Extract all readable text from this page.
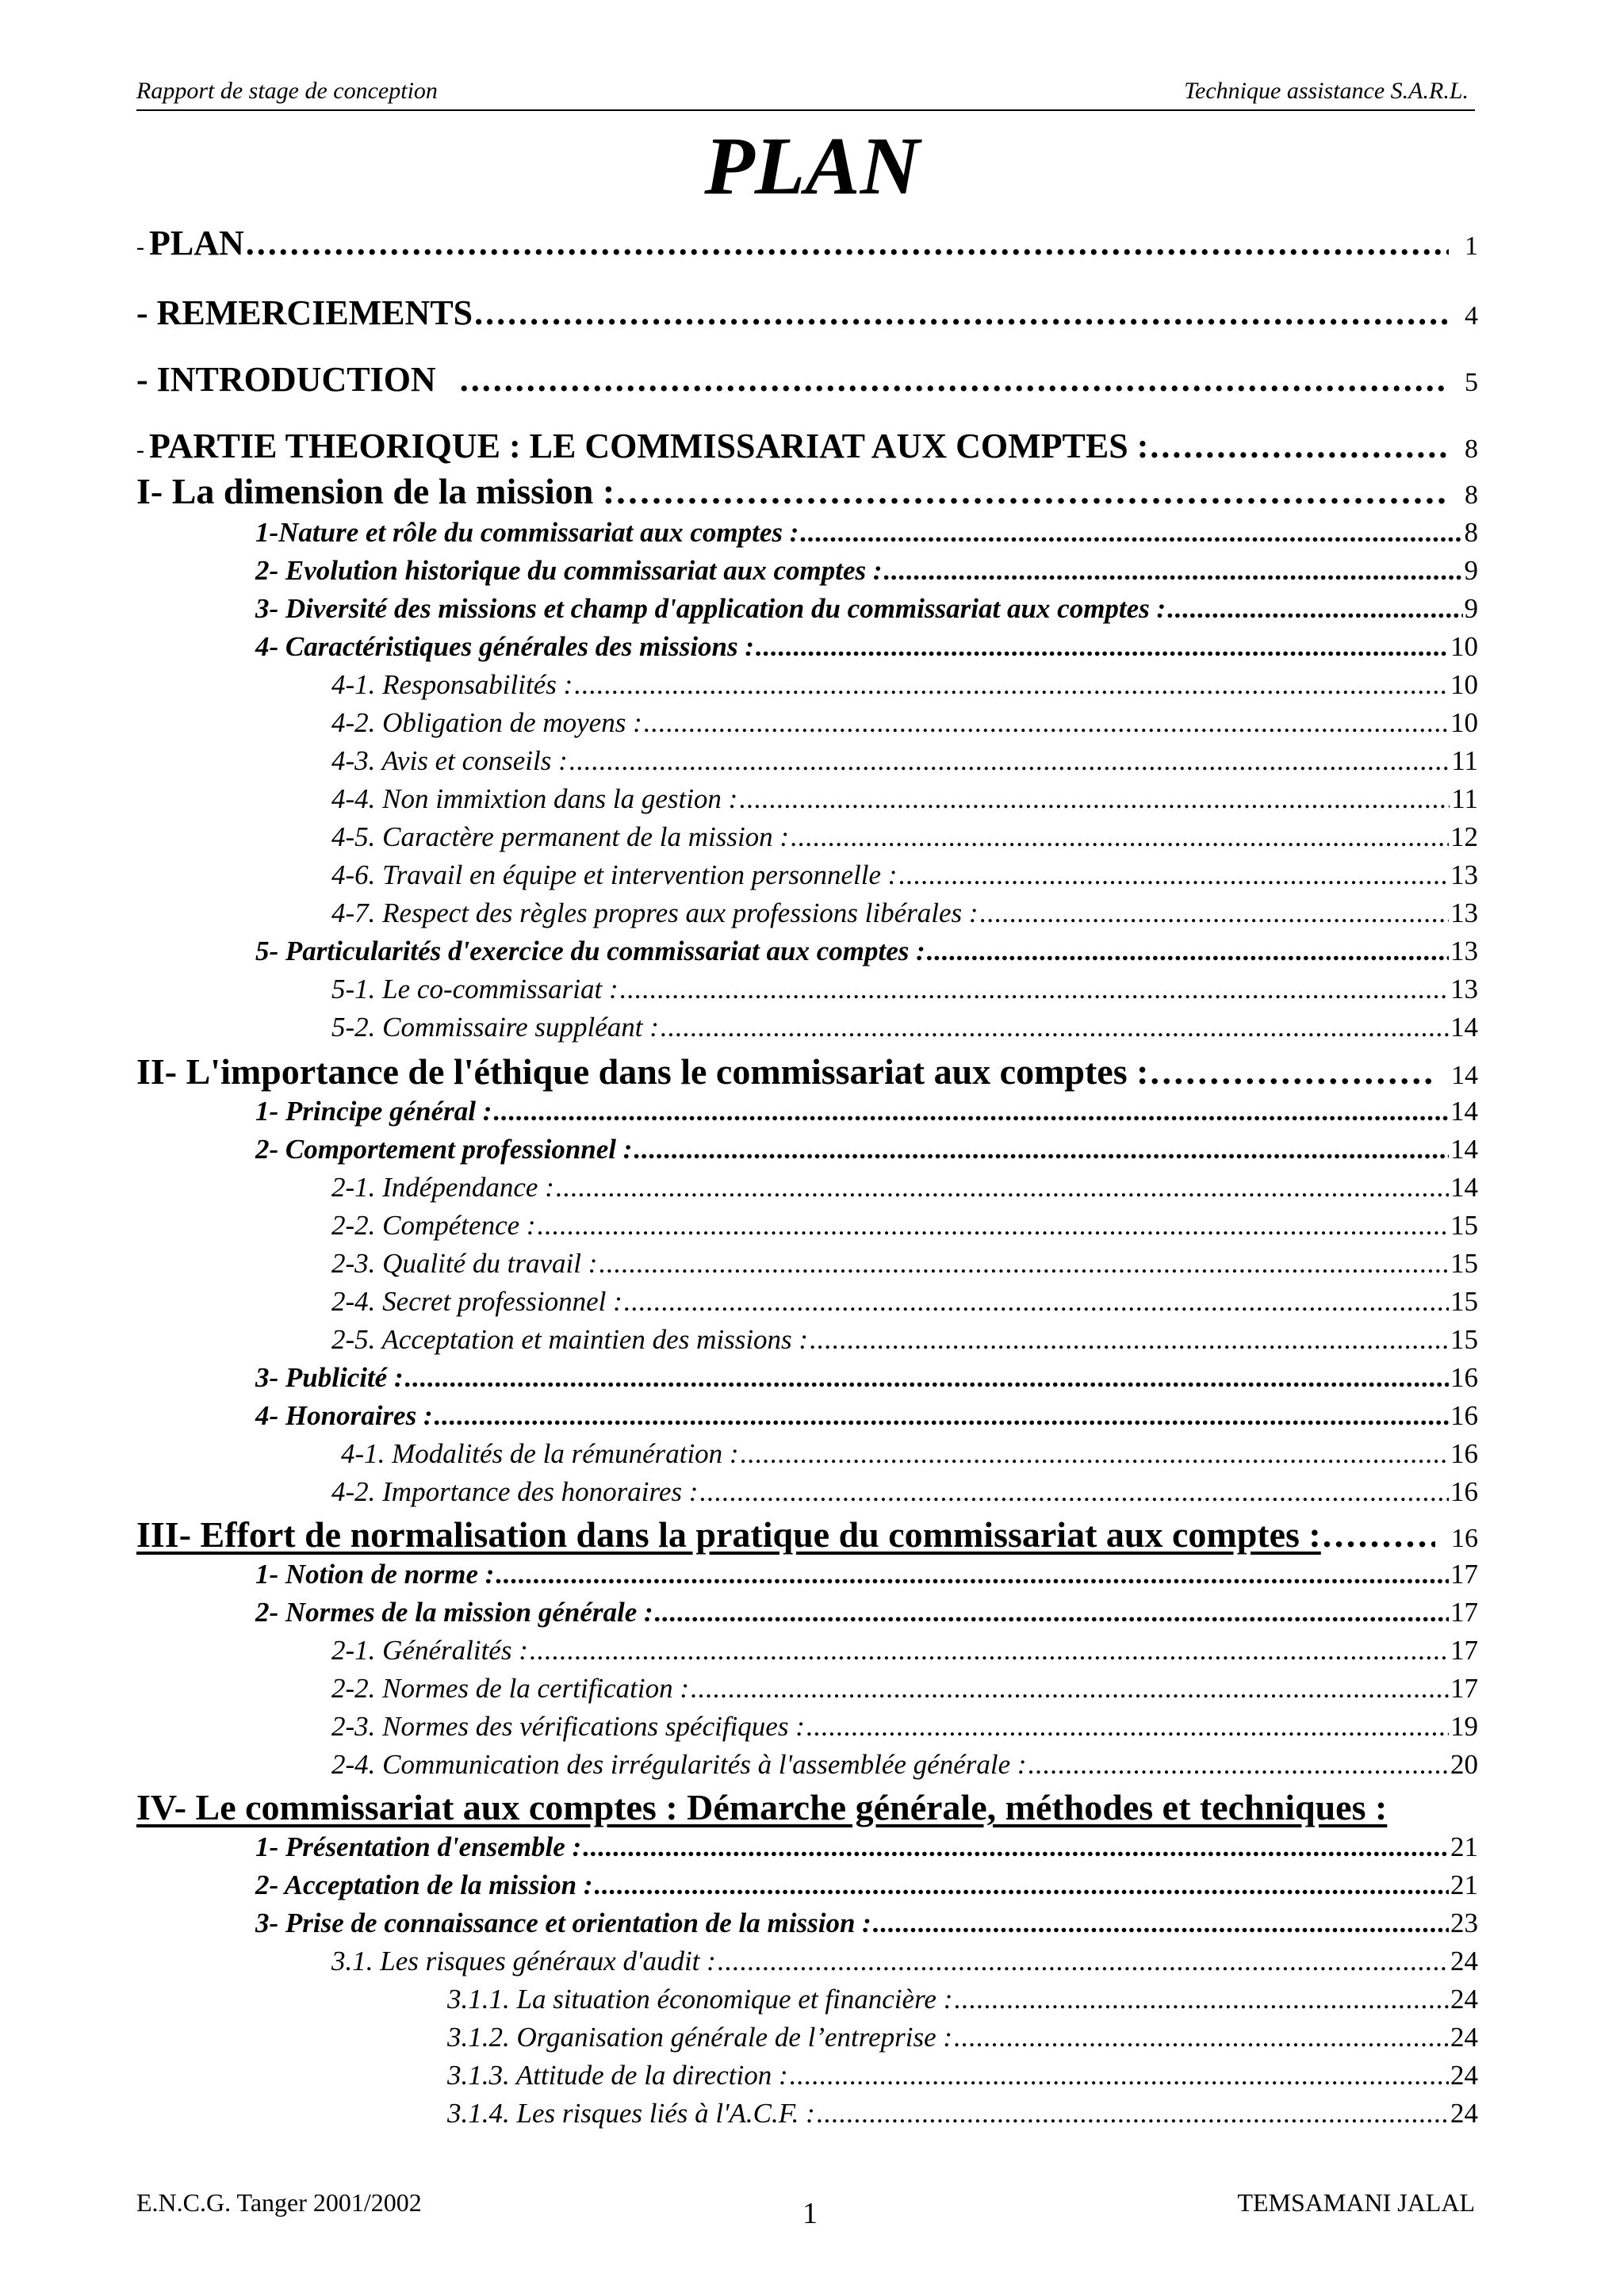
Rapport de stage de conception	Technique assistance S.A.R.L.
PLAN
- PLAN . . .	1
- REMERCIEMENTS . . .	4
- INTRODUCTION . . .	5
- PARTIE THEORIQUE : LE COMMISSARIAT AUX COMPTES : . . .	8
I- La dimension de la mission : . . .	8
1-Nature et rôle du commissariat aux comptes : . . .	8
2- Evolution historique du commissariat aux comptes : . . .	9
3- Diversité des missions et champ d'application du commissariat aux comptes : . . .	9
4- Caractéristiques générales des missions : . . .	10
4-1. Responsabilités : . . .	10
4-2. Obligation de moyens : . . .	10
4-3. Avis et conseils : . . .	11
4-4. Non immixtion dans la gestion : . . .	11
4-5. Caractère permanent de la mission : . . .	12
4-6. Travail en équipe et intervention personnelle : . . .	13
4-7. Respect des règles propres aux professions libérales : . . .	13
5- Particularités d'exercice du commissariat aux comptes : . . .	13
5-1. Le co-commissariat : . . .	13
5-2. Commissaire suppléant : . . .	14
II- L'importance de l'éthique dans le commissariat aux comptes : . . .	14
1- Principe général : . . .	14
2- Comportement professionnel : . . .	14
2-1. Indépendance : . . .	14
2-2. Compétence : . . .	15
2-3. Qualité du travail : . . .	15
2-4. Secret professionnel : . . .	15
2-5. Acceptation et maintien des missions : . . .	15
3- Publicité : . . .	16
4- Honoraires : . . .	16
4-1. Modalités de la rémunération : . . .	16
4-2. Importance des honoraires : . . .	16
III- Effort de normalisation dans la pratique du commissariat aux comptes : . . .	16
1- Notion de norme : . . .	17
2- Normes de la mission générale : . . .	17
2-1. Généralités : . . .	17
2-2. Normes de la certification : . . .	17
2-3. Normes des vérifications spécifiques : . . .	19
2-4. Communication des irrégularités à l'assemblée générale : . . .	20
IV- Le commissariat aux comptes : Démarche générale, méthodes et techniques :
1- Présentation d'ensemble : . . .	21
2- Acceptation de la mission : . . .	21
3- Prise de connaissance et orientation de la mission : . . .	23
3.1. Les risques généraux d'audit : . . .	24
3.1.1. La situation économique et financière : . . .	24
3.1.2. Organisation générale de l’entreprise : . . .	24
3.1.3. Attitude de la direction : . . .	24
3.1.4. Les risques liés à l'A.C.F. : . . .	24
E.N.C.G. Tanger 2001/2002	1	TEMSAMANI JALAL
